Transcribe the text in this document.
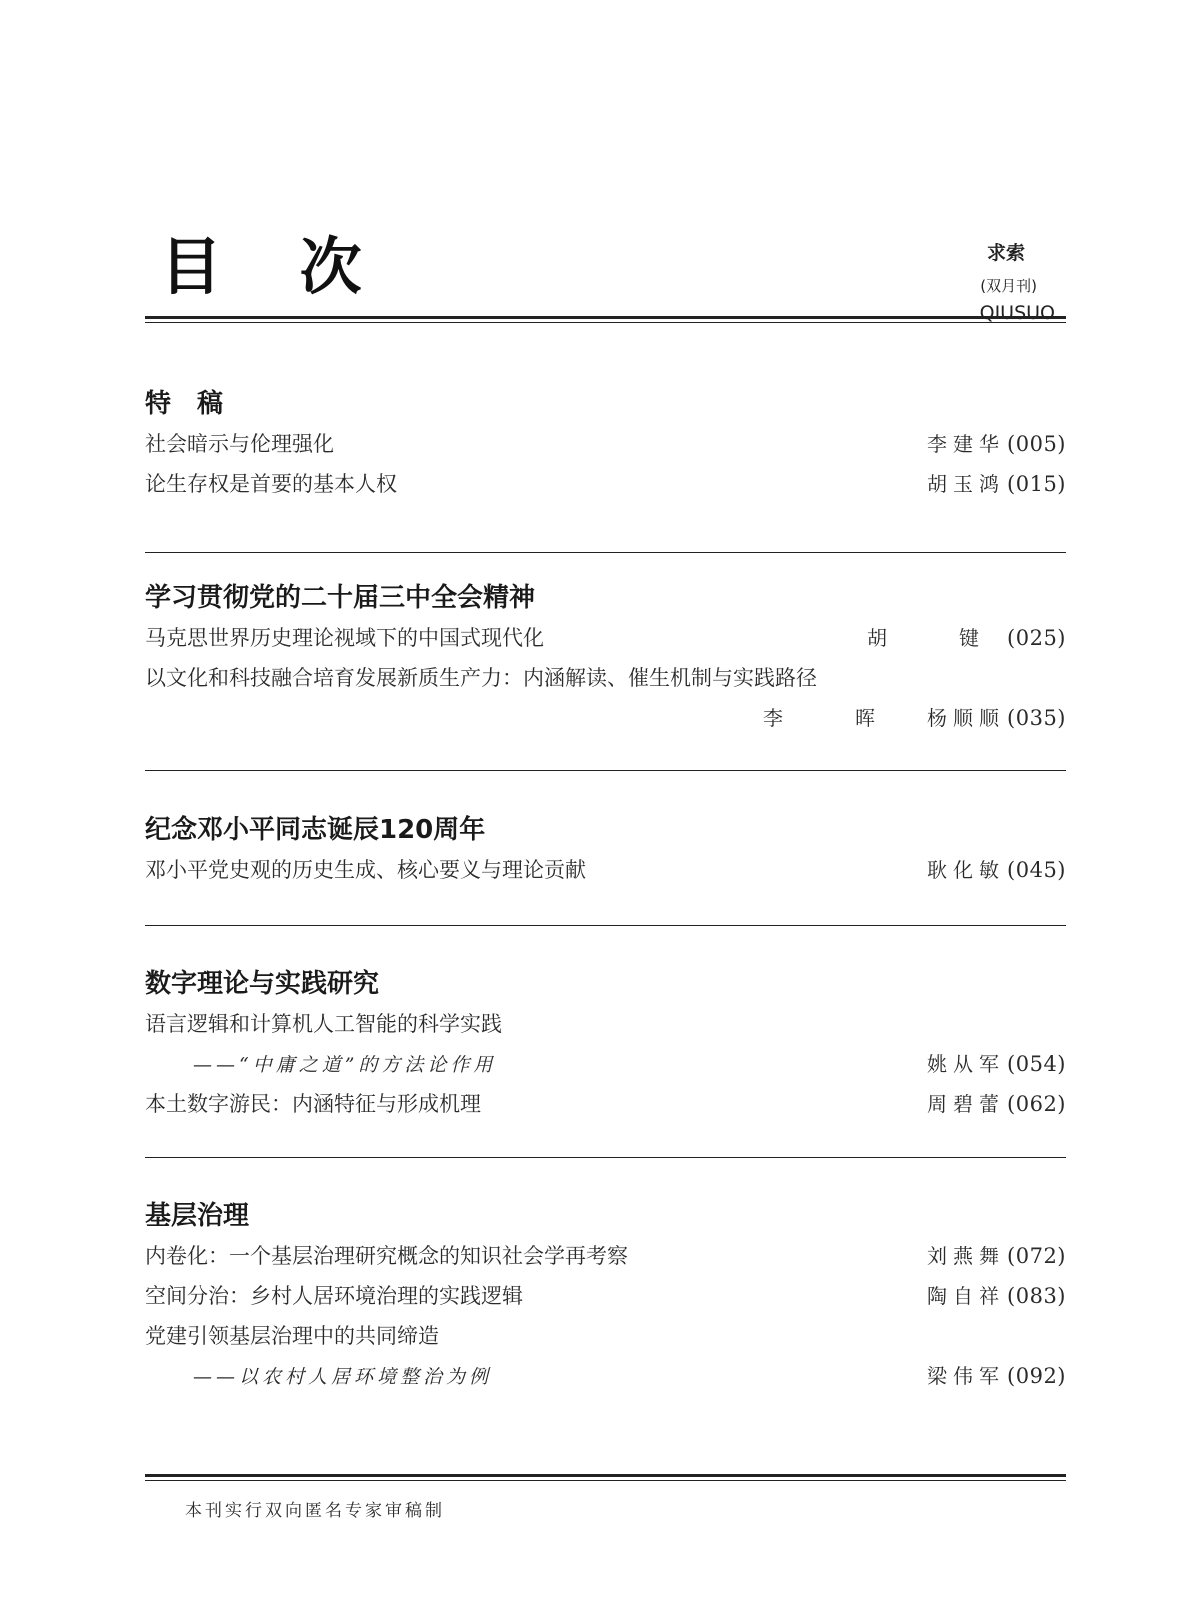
目 次	求索
(双月刊)
QIUSUO
特　稿
社会暗示与伦理强化	李建华 (005)
论生存权是首要的基本人权	胡玉鸿 (015)
学习贯彻党的二十届三中全会精神
马克思世界历史理论视域下的中国式现代化	胡　键 (025)
以文化和科技融合培育发展新质生产力：内涵解读、催生机制与实践路径
李　晖 杨顺顺 (035)
纪念邓小平同志诞辰120周年
邓小平党史观的历史生成、核心要义与理论贡献	耿化敏 (045)
数字理论与实践研究
语言逻辑和计算机人工智能的科学实践
——“中庸之道”的方法论作用	姚从军 (054)
本土数字游民：内涵特征与形成机理	周碧蕾 (062)
基层治理
内卷化：一个基层治理研究概念的知识社会学再考察	刘燕舞 (072)
空间分治：乡村人居环境治理的实践逻辑	陶自祥 (083)
党建引领基层治理中的共同缔造
——以农村人居环境整治为例	梁伟军 (092)
本刊实行双向匿名专家审稿制
